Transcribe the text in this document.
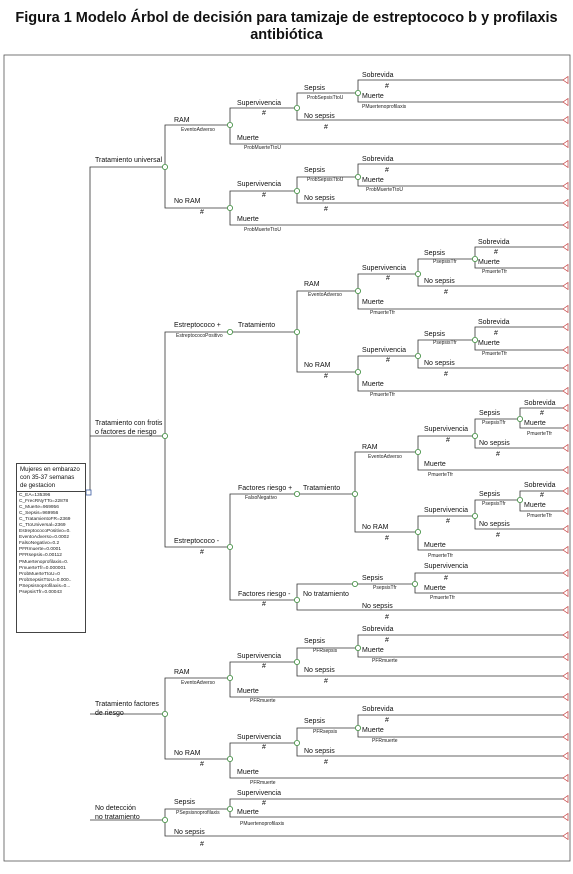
Figura 1 Modelo Árbol de decisión para tamizaje de estreptococo b y profilaxis
antibiótica
Tratamiento universal
Tratamiento con frotis
o factores de riesgo
Tratamiento factores
de riesgo
No detección
no tratamiento
RAM
EventoAdverso
No RAM
#
Supervivencia
#
Muerte
ProbMuerteTtoU
Sepsis
ProbSepsisTtoU
No sepsis
#
Sobrevida
#
Muerte
PMuertenoprofilaxis
Supervivencia
#
Muerte
ProbMuerteTtoU
Sepsis
ProbSepsisTtoU
No sepsis
#
Sobrevida
#
Muerte
ProbMuerteTtoU
Estreptococo +
EstreptococoPositivo
Tratamiento
RAM
EventoAdverso
No RAM
#
Supervivencia
#
Muerte
PmuerteTfr
Sepsis
PsepsisTfr
No sepsis
#
Sobrevida
#
Muerte
PmuerteTfr
Supervivencia
#
Muerte
PmuerteTfr
Sepsis
PsepsisTfr
No sepsis
#
Sobrevida
#
Muerte
PmuerteTfr
Estreptococo -
#
Factores riesgo +
FalsoNegativo
Tratamiento
Factores riesgo -
#
No tratamiento
RAM
EventoAdverso
No RAM
#
Supervivencia
#
Muerte
PmuerteTfr
Sepsis
PsepsisTfr
No sepsis
#
Sobrevida
#
Muerte
PmuerteTfr
Supervivencia
#
Muerte
PmuerteTfr
Sepsis
PsepsisTfr
No sepsis
#
Sobrevida
#
Muerte
PmuerteTfr
Supervivencia
Sepsis
PsepsisTfr
#
Muerte
PmuerteTfr
No sepsis
#
RAM
EventoAdverso
No RAM
#
Supervivencia
#
Muerte
PFRmuerte
Sepsis
PFRsepsis
No sepsis
#
Sobrevida
#
Muerte
PFRmuerte
Supervivencia
#
Muerte
PFRmuerte
Sepsis
PFRsepsis
No sepsis
#
Sobrevida
#
Muerte
PFRmuerte
Sepsis
PSepsisnoprofilaxis
No sepsis
#
Supervivencia
#
Muerte
PMuertenoprofilaxis
Mujeres en embarazo
con 35-37 semanas
de gestacion
C_EA=135396
C_FrecRNyTTo=22878
C_Muerte=969956
C_Sepsis=969956
C_TratamientoFR=2369
C_TtoUniversal=2369
EstreptococoPositivo=0.
EventoAdverso=0.0002
FalsoNegativo=0.2
PFRmuerte=0.0001
PFRsepsis=0.00112
PMuertenoprofilaxis=0.
PmuerteTfr=0.000001
ProbMuerteTtoU=0
ProbSepsisTtoU=0.000..
PSepsisnoprofilaxis=0...
PsepsisTfr=0.00043
